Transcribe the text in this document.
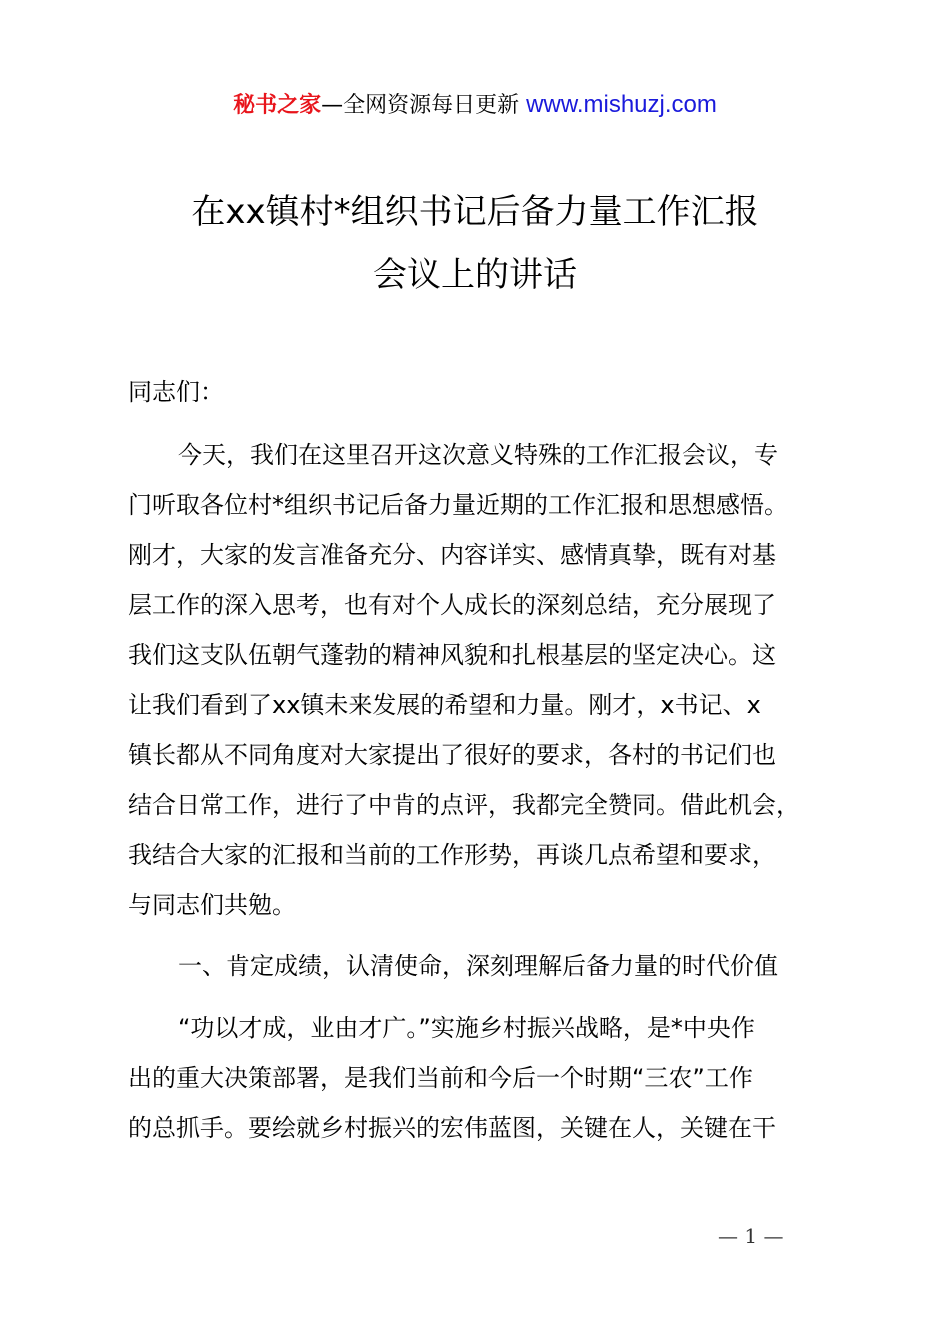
秘书之家—全网资源每日更新 www.mishuzj.com
在xx镇村*组织书记后备力量工作汇报
会议上的讲话
同志们：
今天，我们在这里召开这次意义特殊的工作汇报会议，专
门听取各位村*组织书记后备力量近期的工作汇报和思想感悟。
刚才，大家的发言准备充分、内容详实、感情真挚，既有对基
层工作的深入思考，也有对个人成长的深刻总结，充分展现了
我们这支队伍朝气蓬勃的精神风貌和扎根基层的坚定决心。这
让我们看到了xx镇未来发展的希望和力量。刚才，x书记、x
镇长都从不同角度对大家提出了很好的要求，各村的书记们也
结合日常工作，进行了中肯的点评，我都完全赞同。借此机会，
我结合大家的汇报和当前的工作形势，再谈几点希望和要求，
与同志们共勉。
一、肯定成绩，认清使命，深刻理解后备力量的时代价值
“功以才成，业由才广。”实施乡村振兴战略，是*中央作
出的重大决策部署，是我们当前和今后一个时期“三农”工作
的总抓手。要绘就乡村振兴的宏伟蓝图，关键在人，关键在干
— 1 —
